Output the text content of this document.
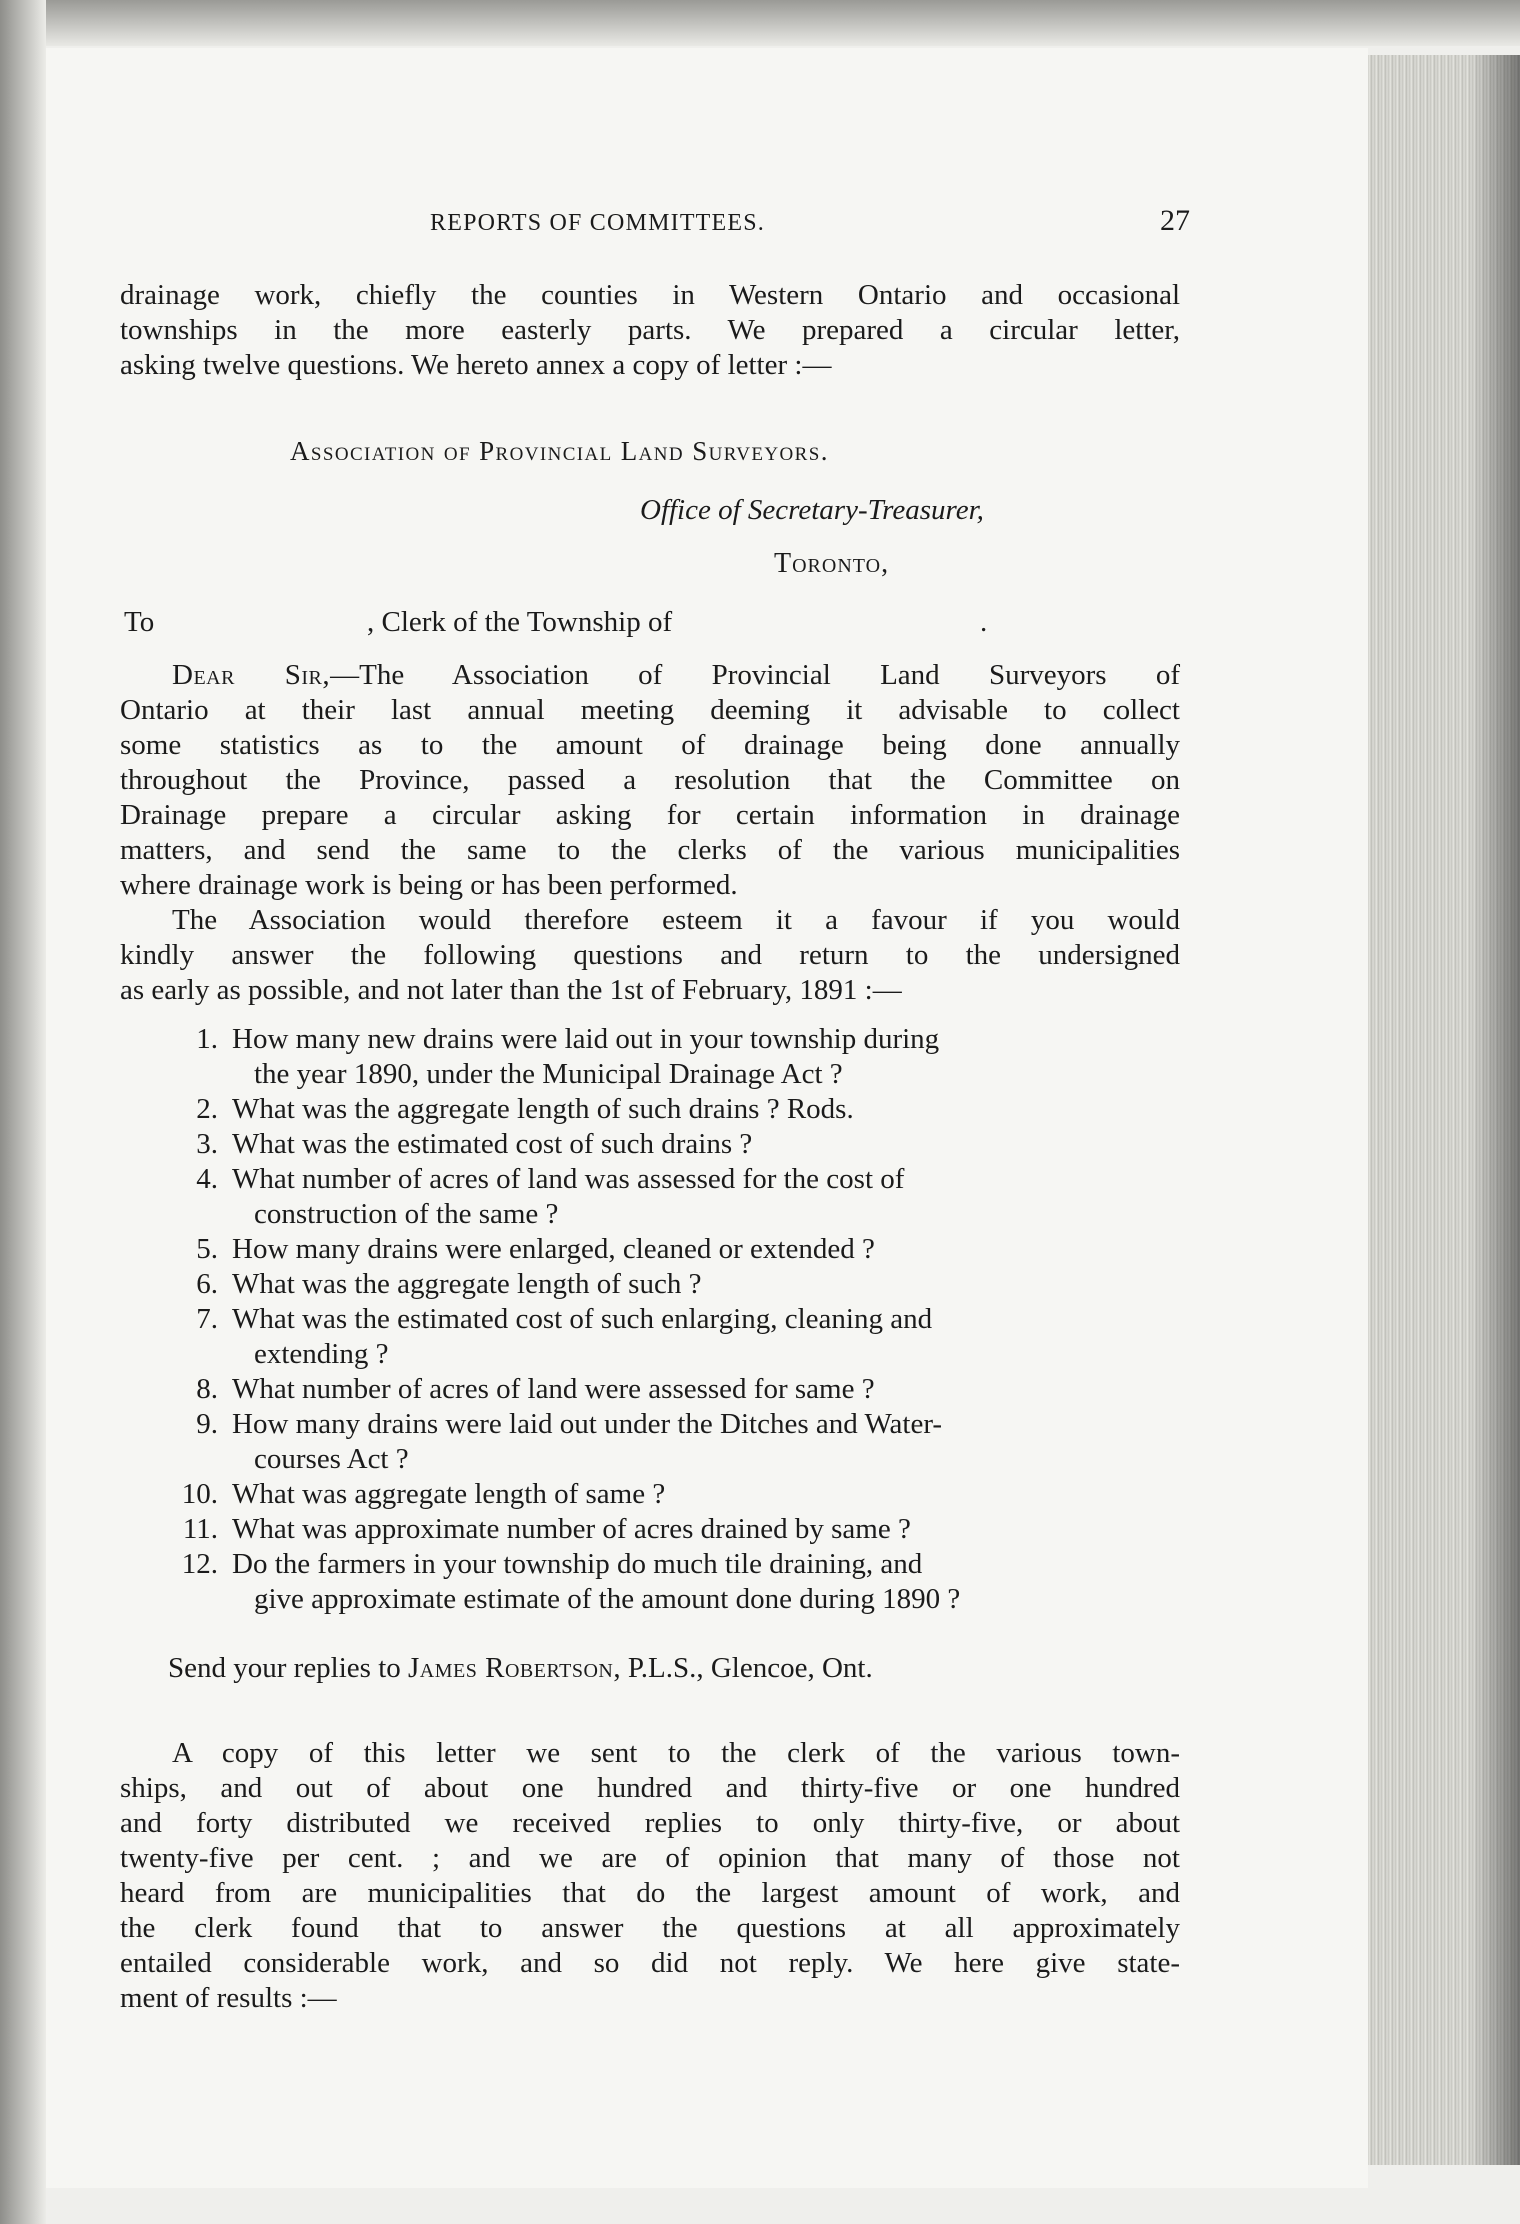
REPORTS OF COMMITTEES.	27
drainage work, chiefly the counties in Western Ontario and occasional
townships in the more easterly parts. We prepared a circular letter,
asking twelve questions. We hereto annex a copy of letter :—
Association of Provincial Land Surveyors.
Office of Secretary-Treasurer,
Toronto,
To	, Clerk of the Township of	.
Dear Sir,—The Association of Provincial Land Surveyors of
Ontario at their last annual meeting deeming it advisable to collect
some statistics as to the amount of drainage being done annually
throughout the Province, passed a resolution that the Committee on
Drainage prepare a circular asking for certain information in drainage
matters, and send the same to the clerks of the various municipalities
where drainage work is being or has been performed.
The Association would therefore esteem it a favour if you would
kindly answer the following questions and return to the undersigned
as early as possible, and not later than the 1st of February, 1891 :—
1. How many new drains were laid out in your township during
the year 1890, under the Municipal Drainage Act ?
2. What was the aggregate length of such drains ? Rods.
3. What was the estimated cost of such drains ?
4. What number of acres of land was assessed for the cost of
construction of the same ?
5. How many drains were enlarged, cleaned or extended ?
6. What was the aggregate length of such ?
7. What was the estimated cost of such enlarging, cleaning and
extending ?
8. What number of acres of land were assessed for same ?
9. How many drains were laid out under the Ditches and Water-
courses Act ?
10. What was aggregate length of same ?
11. What was approximate number of acres drained by same ?
12. Do the farmers in your township do much tile draining, and
give approximate estimate of the amount done during 1890 ?
Send your replies to James Robertson, P.L.S., Glencoe, Ont.
A copy of this letter we sent to the clerk of the various town-
ships, and out of about one hundred and thirty-five or one hundred
and forty distributed we received replies to only thirty-five, or about
twenty-five per cent. ; and we are of opinion that many of those not
heard from are municipalities that do the largest amount of work, and
the clerk found that to answer the questions at all approximately
entailed considerable work, and so did not reply. We here give state-
ment of results :—
